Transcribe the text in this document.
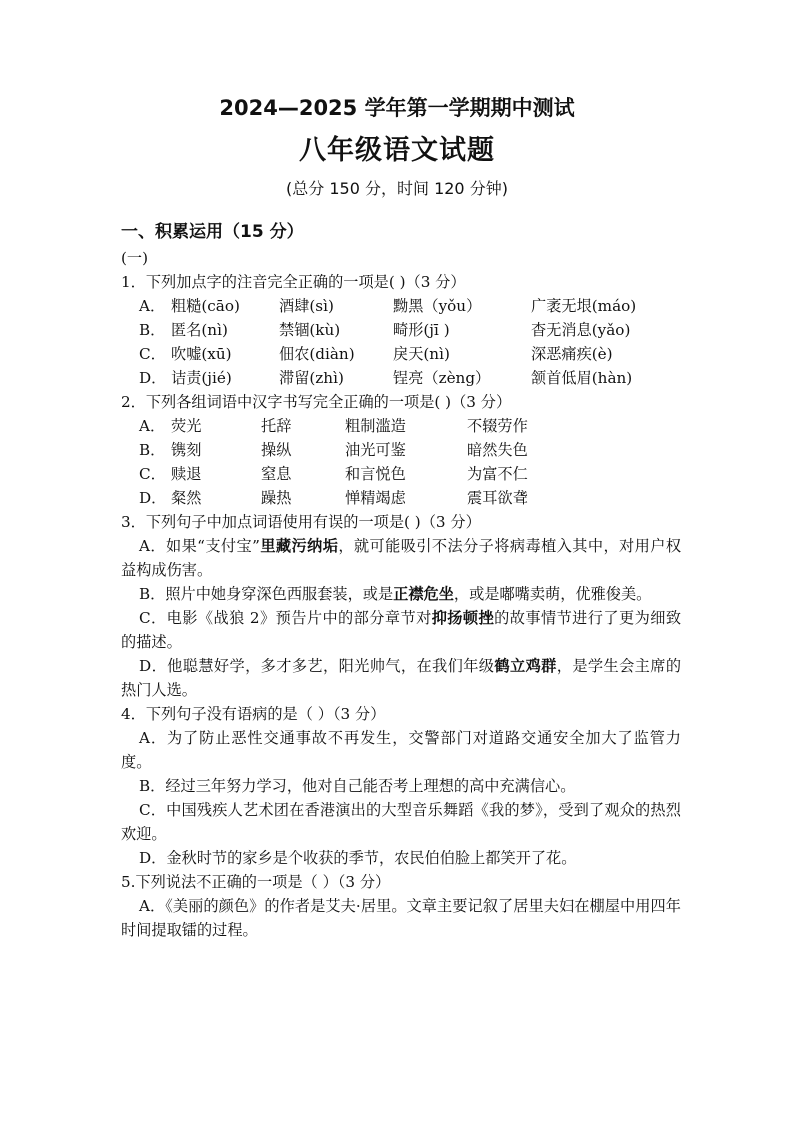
2024—2025 学年第一学期期中测试
八年级语文试题
(总分 150 分，时间 120 分钟)
一、积累运用（15 分）
(一)
1．下列加点字的注音完全正确的一项是( )（3 分）
A． 粗糙(cāo)	酒肆(sì)	黝黑（yǒu）	广袤无垠(máo)
B． 匿名(nì)	禁锢(kù)	畸形(jī )	杳无消息(yǎo)
C． 吹嘘(xū)	佃农(diàn)	戾天(nì)	深恶痛疾(è)
D． 诘责(jié)	滞留(zhì)	锃亮（zèng）	颔首低眉(hàn)
2．下列各组词语中汉字书写完全正确的一项是( )（3 分）
A． 荧光	托辞	粗制滥造	不辍劳作
B． 镌刻	操纵	油光可鉴	暗然失色
C． 赎退	窒息	和言悦色	为富不仁
D． 粲然	躁热	惮精竭虑	震耳欲聋
3．下列句子中加点词语使用有误的一项是( )（3 分）
A．如果“支付宝”里藏污纳垢，就可能吸引不法分子将病毒植入其中，对用户权益构成伤害。
B．照片中她身穿深色西服套装，或是正襟危坐，或是嘟嘴卖萌，优雅俊美。
C．电影《战狼 2》预告片中的部分章节对抑扬顿挫的故事情节进行了更为细致的描述。
D．他聪慧好学，多才多艺，阳光帅气，在我们年级鹤立鸡群，是学生会主席的热门人选。
4．下列句子没有语病的是（ ）（3 分）
A．为了防止恶性交通事故不再发生，交警部门对道路交通安全加大了监管力度。
B．经过三年努力学习，他对自己能否考上理想的高中充满信心。
C．中国残疾人艺术团在香港演出的大型音乐舞蹈《我的梦》，受到了观众的热烈欢迎。
D．金秋时节的家乡是个收获的季节，农民伯伯脸上都笑开了花。
5.下列说法不正确的一项是（ ）（3 分）
A．《美丽的颜色》的作者是艾夫·居里。文章主要记叙了居里夫妇在棚屋中用四年时间提取镭的过程。
